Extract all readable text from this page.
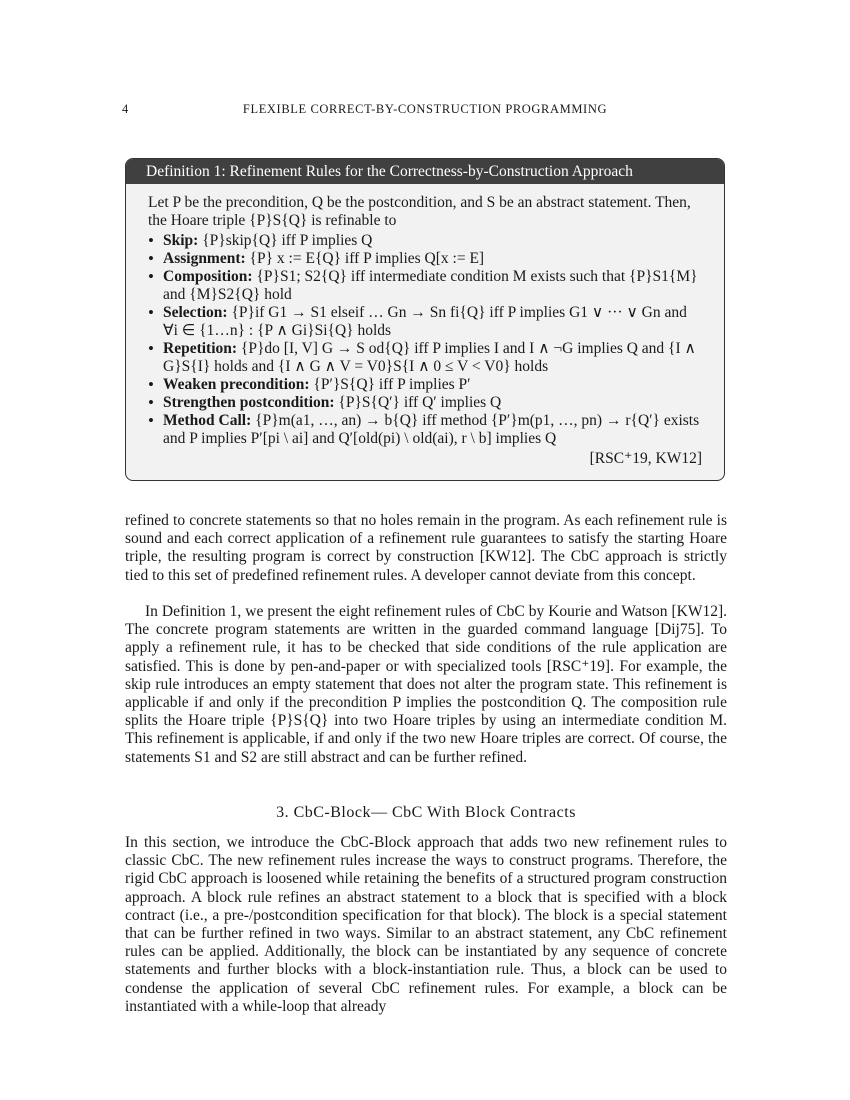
4	FLEXIBLE CORRECT-BY-CONSTRUCTION PROGRAMMING
Definition 1: Refinement Rules for the Correctness-by-Construction Approach

Let P be the precondition, Q be the postcondition, and S be an abstract statement. Then, the Hoare triple {P}S{Q} is refinable to

• Skip: {P}skip{Q} iff P implies Q
• Assignment: {P} x := E{Q} iff P implies Q[x := E]
• Composition: {P}S1; S2{Q} iff intermediate condition M exists such that {P}S1{M} and {M}S2{Q} hold
• Selection: {P}if G1 → S1 elseif … Gn → Sn fi{Q} iff P implies G1 ∨ ··· ∨ Gn and ∀i ∈ {1…n} : {P ∧ Gi}Si{Q} holds
• Repetition: {P}do [I, V] G → S od{Q} iff P implies I and I ∧ ¬G implies Q and {I ∧ G}S{I} holds and {I ∧ G ∧ V = V0}S{I ∧ 0 ≤ V < V0} holds
• Weaken precondition: {P′}S{Q} iff P implies P′
• Strengthen postcondition: {P}S{Q′} iff Q′ implies Q
• Method Call: {P}m(a1, …, an) → b{Q} iff method {P′}m(p1, …, pn) → r{Q′} exists and P implies P′[pi \ ai] and Q′[old(pi) \ old(ai), r \ b] implies Q
[RSC⁺19, KW12]

refined to concrete statements so that no holes remain in the program. As each refinement rule is sound and each correct application of a refinement rule guarantees to satisfy the starting Hoare triple, the resulting program is correct by construction [KW12]. The CbC approach is strictly tied to this set of predefined refinement rules. A developer cannot deviate from this concept.

In Definition 1, we present the eight refinement rules of CbC by Kourie and Watson [KW12]. The concrete program statements are written in the guarded command language [Dij75]. To apply a refinement rule, it has to be checked that side conditions of the rule application are satisfied. This is done by pen-and-paper or with specialized tools [RSC⁺19]. For example, the skip rule introduces an empty statement that does not alter the program state. This refinement is applicable if and only if the precondition P implies the postcondition Q. The composition rule splits the Hoare triple {P}S{Q} into two Hoare triples by using an intermediate condition M. This refinement is applicable, if and only if the two new Hoare triples are correct. Of course, the statements S1 and S2 are still abstract and can be further refined.

3. CbC-Block— CbC With Block Contracts

In this section, we introduce the CbC-Block approach that adds two new refinement rules to classic CbC. The new refinement rules increase the ways to construct programs. Therefore, the rigid CbC approach is loosened while retaining the benefits of a structured program construction approach. A block rule refines an abstract statement to a block that is specified with a block contract (i.e., a pre-/postcondition specification for that block). The block is a special statement that can be further refined in two ways. Similar to an abstract statement, any CbC refinement rules can be applied. Additionally, the block can be instantiated by any sequence of concrete statements and further blocks with a block-instantiation rule. Thus, a block can be used to condense the application of several CbC refinement rules. For example, a block can be instantiated with a while-loop that already
